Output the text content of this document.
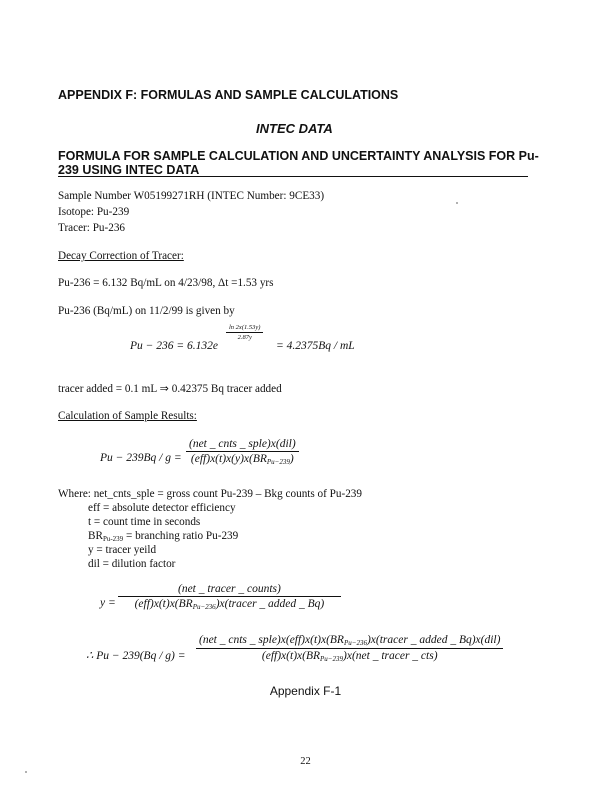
APPENDIX F: FORMULAS AND SAMPLE CALCULATIONS
INTEC DATA
FORMULA FOR SAMPLE CALCULATION AND UNCERTAINTY ANALYSIS FOR Pu-239 USING INTEC DATA
Sample Number W05199271RH (INTEC Number: 9CE33)
Isotope: Pu-239
Tracer: Pu-236
Decay Correction of Tracer:
Pu-236 = 6.132 Bq/mL on 4/23/98, Δt =1.53 yrs
Pu-236 (Bq/mL) on 11/2/99 is given by
Pu − 236 = 6.132e
$\frac{\ln 2x(1.53y)}{2.87y}$
= 4.2375Bq / mL
tracer added = 0.1 mL ⇒ 0.42375 Bq tracer added
Calculation of Sample Results:
$Pu - 239Bq / g = \frac{\text{(net \_ cnts \_ sple)x(dil)}}{(eff)x(t)x(y)x(BR_{Pu-239})}$
Where: net_cnts_sple = gross count Pu-239 – Bkg counts of Pu-239
eff = absolute detector efficiency
t = count time in seconds
BRPu-239 = branching ratio Pu-239
y = tracer yeild
dil = dilution factor
$y = \frac{\text{(net \_ tracer \_ counts)}}{(eff)x(t)x(BR_{Pu-236})x(tracer \_ added \_ Bq)}$
∴ Pu − 239(Bq / g) =
(net _ cnts _ $sple)x(eff)x(t)x(BR_{Pu-236})x(tracer$ _ added _ Bq)x(dil)
$(eff)x(t)x(BR_{Pu-239})x(net$ _ tracer _ cts)
Appendix F-1
22
